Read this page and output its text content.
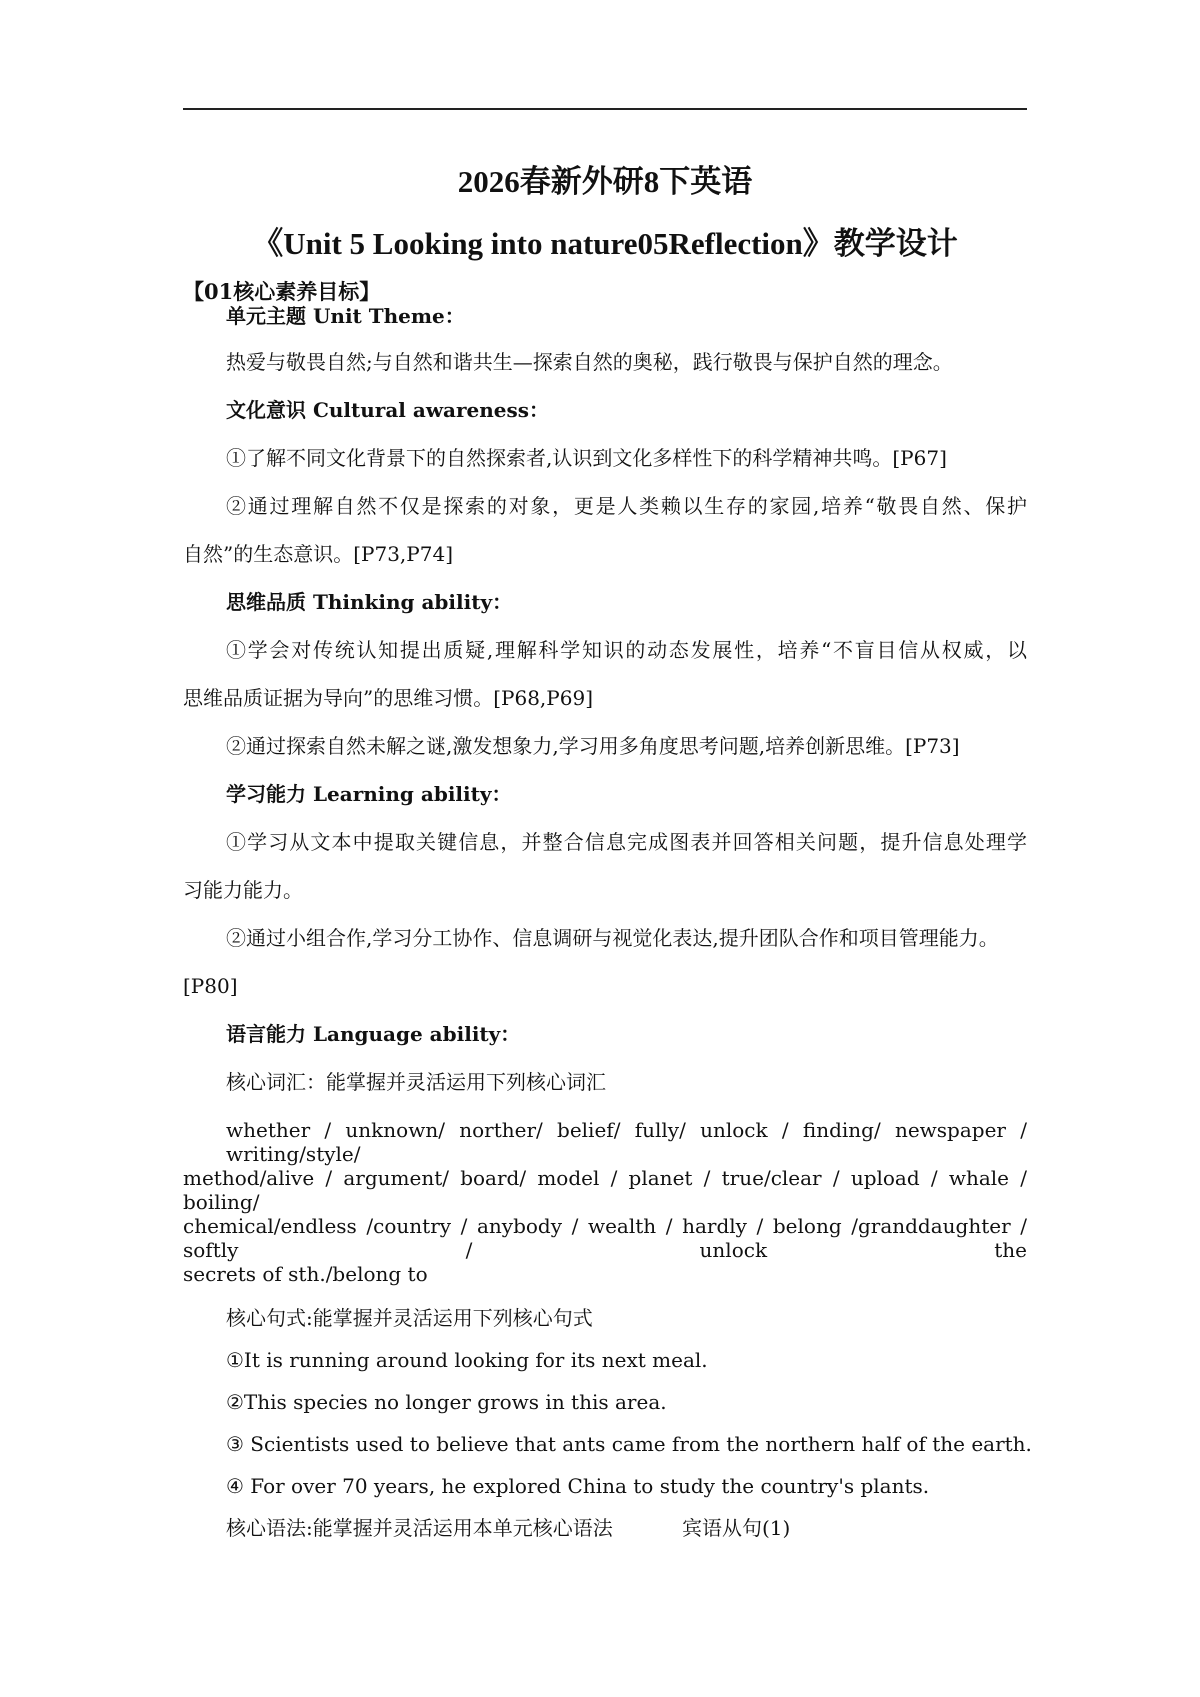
2026春新外研8下英语
《Unit 5 Looking into nature05Reflection》教学设计
【01核心素养目标】
单元主题 Unit Theme：
热爱与敬畏自然;与自然和谐共生—探索自然的奥秘，践行敬畏与保护自然的理念。
文化意识 Cultural awareness：
①了解不同文化背景下的自然探索者,认识到文化多样性下的科学精神共鸣。[P67]
②通过理解自然不仅是探索的对象，更是人类赖以生存的家园,培养“敬畏自然、保护
自然”的生态意识。[P73,P74]
思维品质 Thinking ability：
①学会对传统认知提出质疑,理解科学知识的动态发展性，培养“不盲目信从权威，以
思维品质证据为导向”的思维习惯。[P68,P69]
②通过探索自然未解之谜,激发想象力,学习用多角度思考问题,培养创新思维。[P73]
学习能力 Learning ability：
①学习从文本中提取关键信息，并整合信息完成图表并回答相关问题，提升信息处理学
习能力能力。
②通过小组合作,学习分工协作、信息调研与视觉化表达,提升团队合作和项目管理能力。
[P80]
语言能力 Language ability：
核心词汇：能掌握并灵活运用下列核心词汇
whether / unknown/ norther/ belief/ fully/ unlock / finding/ newspaper / writing/style/
method/alive / argument/ board/ model / planet / true/clear / upload / whale / boiling/
chemical/endless /country / anybody / wealth / hardly / belong /granddaughter / softly / unlock the
secrets of sth./belong to
核心句式:能掌握并灵活运用下列核心句式
①It is running around looking for its next meal.
②This species no longer grows in this area.
③ Scientists used to believe that ants came from the northern half of the earth.
④ For over 70 years, he explored China to study the country's plants.
核心语法:能掌握并灵活运用本单元核心语法	宾语从句(1)
